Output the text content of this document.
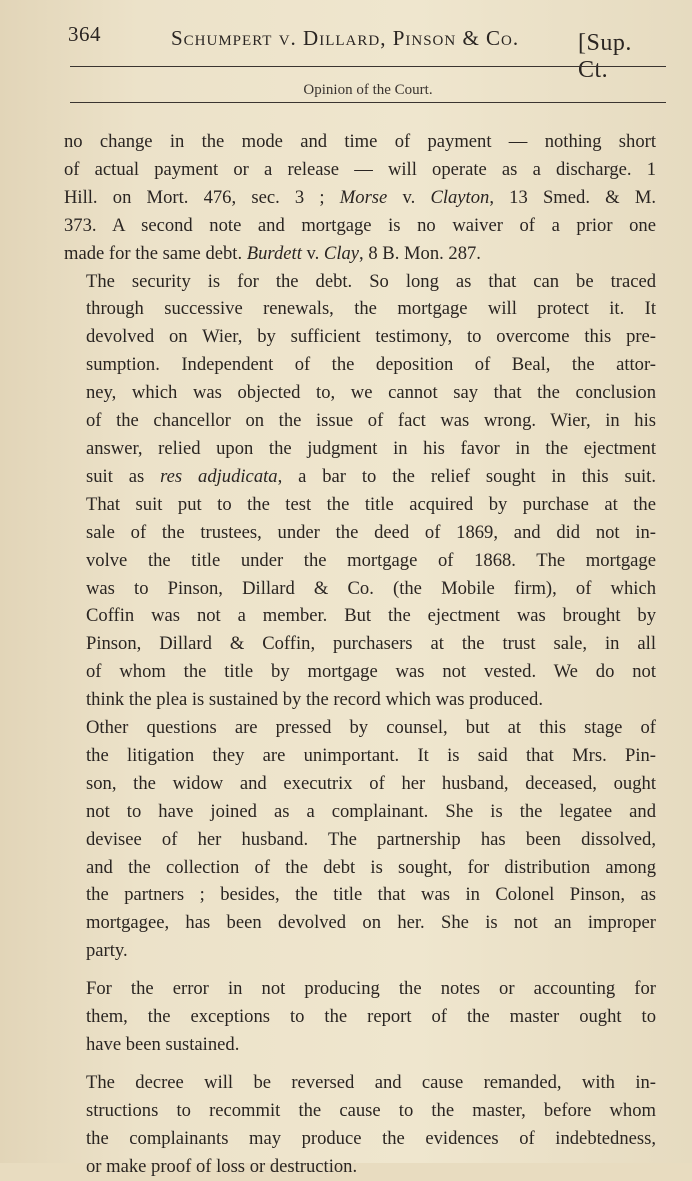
364	Schumpert v. Dillard, Pinson & Co. [Sup. Ct.
Opinion of the Court.

no change in the mode and time of payment — nothing short
of actual payment or a release — will operate as a discharge. 1
Hill. on Mort. 476, sec. 3 ; Morse v. Clayton, 13 Smed. & M.
373. A second note and mortgage is no waiver of a prior one
made for the same debt. Burdett v. Clay, 8 B. Mon. 287.

The security is for the debt. So long as that can be traced
through successive renewals, the mortgage will protect it. It
devolved on Wier, by sufficient testimony, to overcome this pre-
sumption. Independent of the deposition of Beal, the attor-
ney, which was objected to, we cannot say that the conclusion
of the chancellor on the issue of fact was wrong. Wier, in his
answer, relied upon the judgment in his favor in the ejectment
suit as res adjudicata, a bar to the relief sought in this suit.
That suit put to the test the title acquired by purchase at the
sale of the trustees, under the deed of 1869, and did not in-
volve the title under the mortgage of 1868. The mortgage
was to Pinson, Dillard & Co. (the Mobile firm), of which
Coffin was not a member. But the ejectment was brought by
Pinson, Dillard & Coffin, purchasers at the trust sale, in all
of whom the title by mortgage was not vested. We do not
think the plea is sustained by the record which was produced.

Other questions are pressed by counsel, but at this stage of
the litigation they are unimportant. It is said that Mrs. Pin-
son, the widow and executrix of her husband, deceased, ought
not to have joined as a complainant. She is the legatee and
devisee of her husband. The partnership has been dissolved,
and the collection of the debt is sought, for distribution among
the partners ; besides, the title that was in Colonel Pinson, as
mortgagee, has been devolved on her. She is not an improper
party.

For the error in not producing the notes or accounting for
them, the exceptions to the report of the master ought to
have been sustained.

The decree will be reversed and cause remanded, with in-
structions to recommit the cause to the master, before whom
the complainants may produce the evidences of indebtedness,
or make proof of loss or destruction.
